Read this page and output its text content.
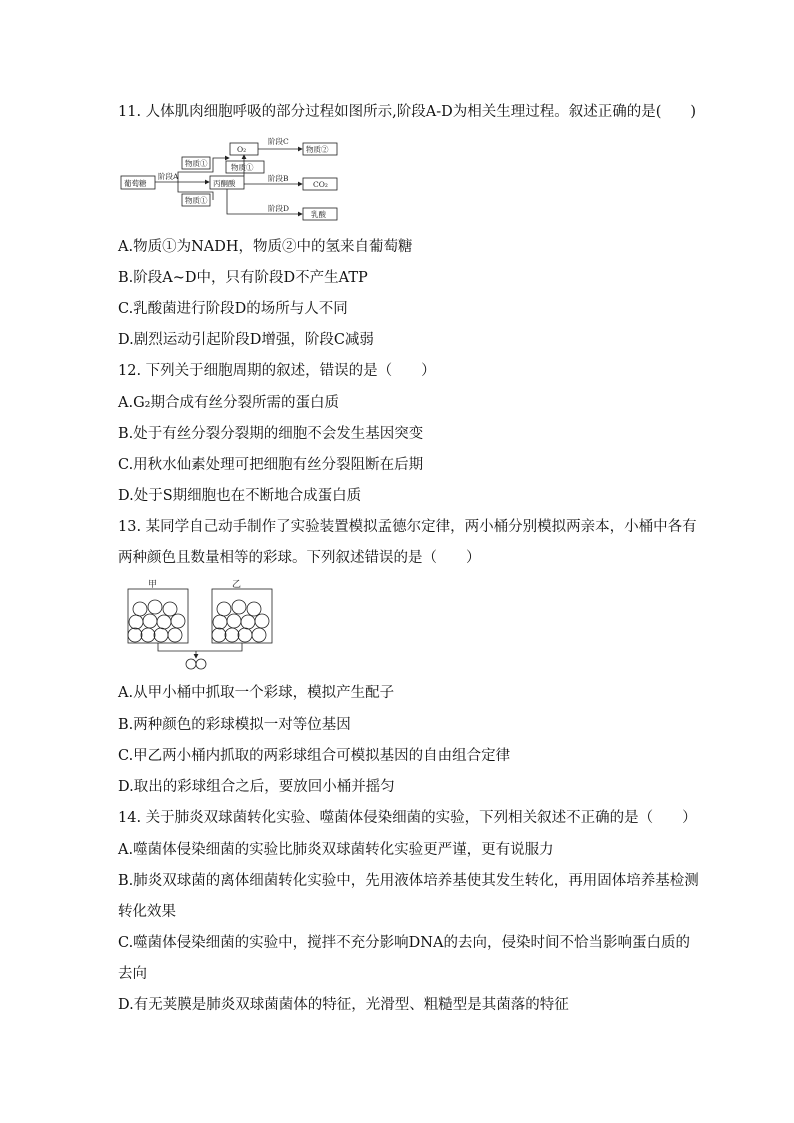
11. 人体肌肉细胞呼吸的部分过程如图所示,阶段A-D为相关生理过程。叙述正确的是(　　)
葡萄糖	丙酮酸
物质①
物质①
O₂	物质②
物质①
CO₂
乳酸
阶段A
阶段C
阶段B
阶段D
A.物质①为NADH，物质②中的氢来自葡萄糖
B.阶段A~D中，只有阶段D不产生ATP
C.乳酸菌进行阶段D的场所与人不同
D.剧烈运动引起阶段D增强，阶段C减弱
12. 下列关于细胞周期的叙述，错误的是（　　）
A.G₂期合成有丝分裂所需的蛋白质
B.处于有丝分裂分裂期的细胞不会发生基因突变
C.用秋水仙素处理可把细胞有丝分裂阻断在后期
D.处于S期细胞也在不断地合成蛋白质
13. 某同学自己动手制作了实验装置模拟孟德尔定律，两小桶分别模拟两亲本，小桶中各有
两种颜色且数量相等的彩球。下列叙述错误的是（　　）
甲	乙
A.从甲小桶中抓取一个彩球，模拟产生配子
B.两种颜色的彩球模拟一对等位基因
C.甲乙两小桶内抓取的两彩球组合可模拟基因的自由组合定律
D.取出的彩球组合之后，要放回小桶并摇匀
14. 关于肺炎双球菌转化实验、噬菌体侵染细菌的实验，下列相关叙述不正确的是（　　）
A.噬菌体侵染细菌的实验比肺炎双球菌转化实验更严谨，更有说服力
B.肺炎双球菌的离体细菌转化实验中，先用液体培养基使其发生转化，再用固体培养基检测
转化效果
C.噬菌体侵染细菌的实验中，搅拌不充分影响DNA的去向，侵染时间不恰当影响蛋白质的
去向
D.有无荚膜是肺炎双球菌菌体的特征，光滑型、粗糙型是其菌落的特征
